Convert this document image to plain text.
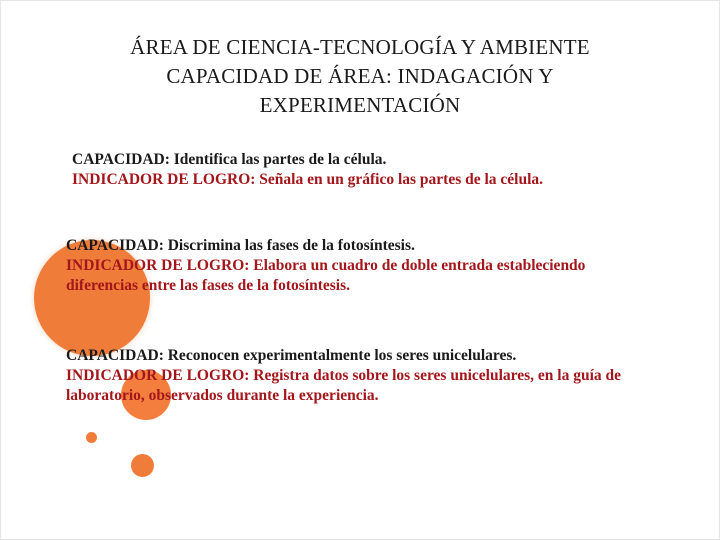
ÁREA DE CIENCIA-TECNOLOGÍA Y AMBIENTE
CAPACIDAD DE ÁREA: INDAGACIÓN Y
EXPERIMENTACIÓN
CAPACIDAD: Identifica las partes de la célula.
INDICADOR DE LOGRO: Señala en un gráfico las partes de la célula.
CAPACIDAD: Discrimina las fases de la fotosíntesis.
INDICADOR DE LOGRO: Elabora un cuadro de doble entrada estableciendo diferencias entre las fases de la fotosíntesis.
CAPACIDAD: Reconocen experimentalmente los seres unicelulares.
INDICADOR DE LOGRO: Registra datos sobre los seres unicelulares, en la guía de laboratorio, observados durante la experiencia.
